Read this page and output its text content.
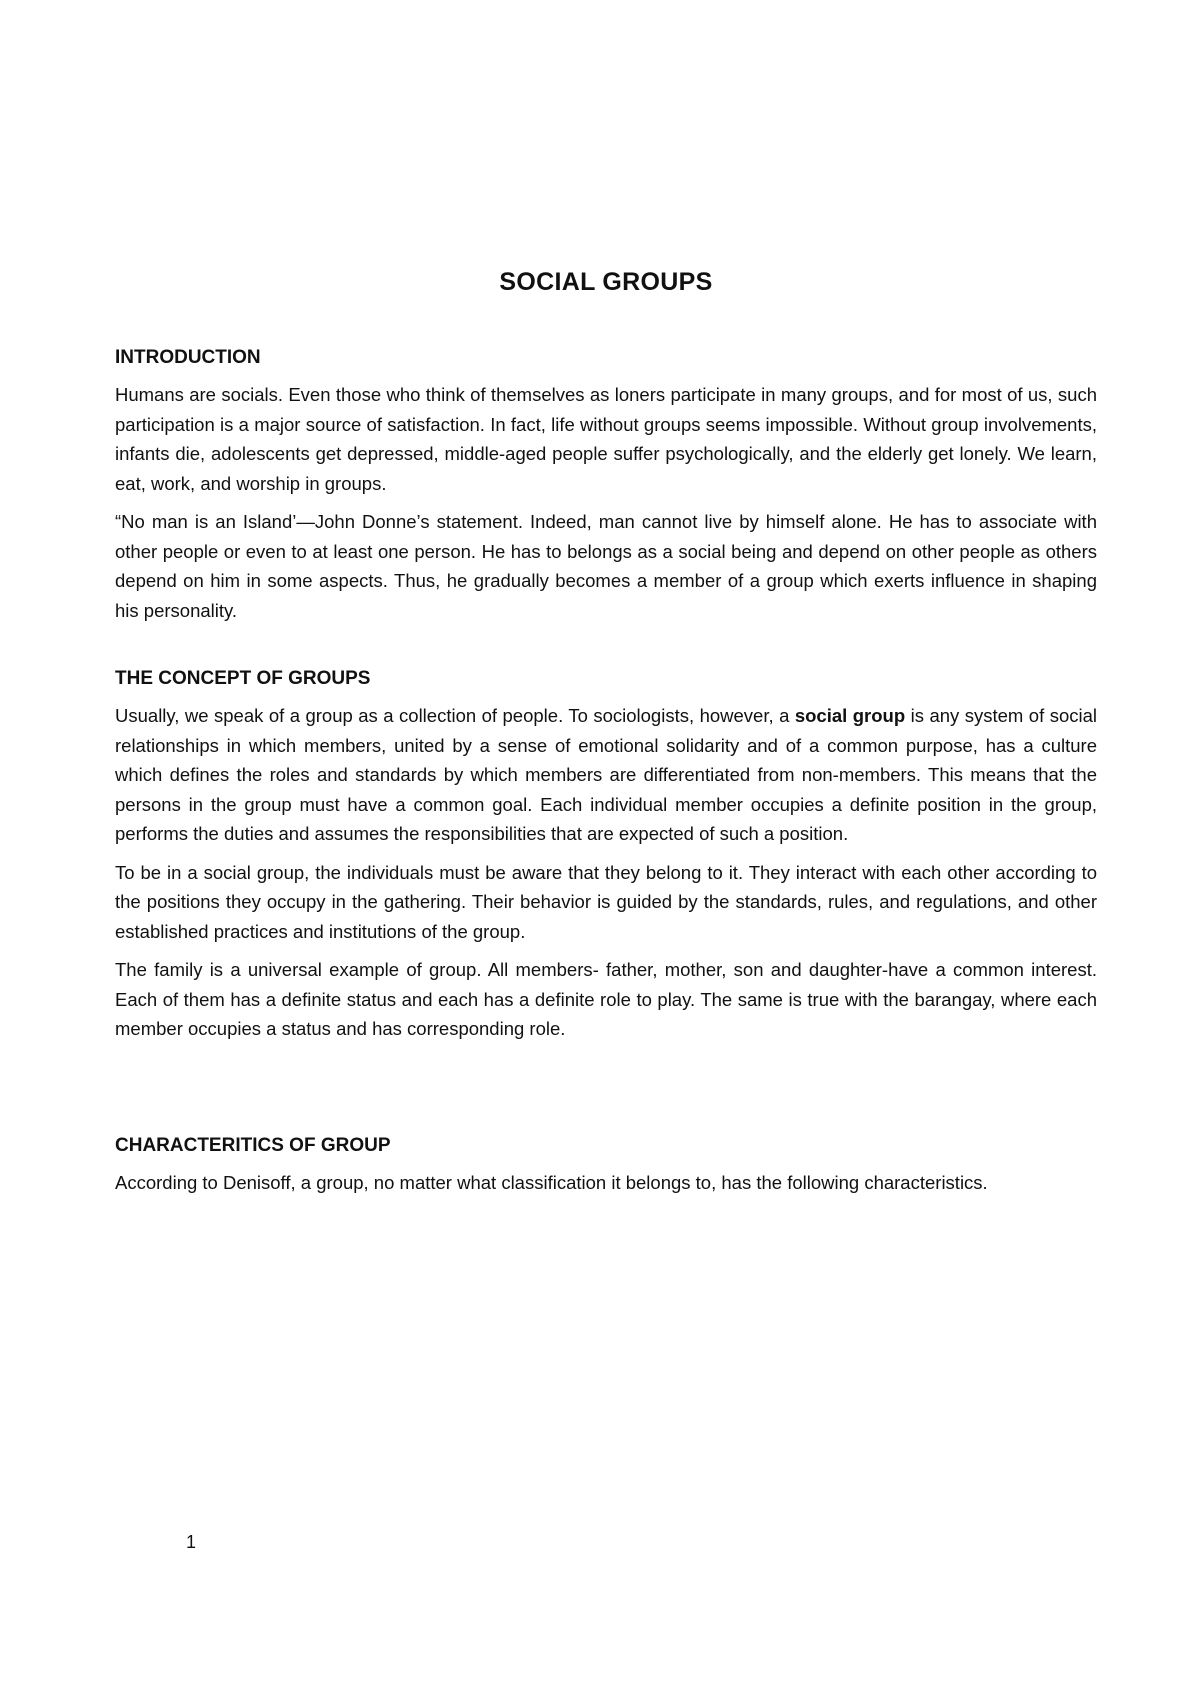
SOCIAL GROUPS
INTRODUCTION

Humans are socials. Even those who think of themselves as loners participate in many groups, and for most of us, such participation is a major source of satisfaction. In fact, life without groups seems impossible. Without group involvements, infants die, adolescents get depressed, middle-aged people suffer psychologically, and the elderly get lonely. We learn, eat, work, and worship in groups.

“No man is an Island’—John Donne’s statement. Indeed, man cannot live by himself alone. He has to associate with other people or even to at least one person. He has to belongs as a social being and depend on other people as others depend on him in some aspects. Thus, he gradually becomes a member of a group which exerts influence in shaping his personality.

THE CONCEPT OF GROUPS

Usually, we speak of a group as a collection of people. To sociologists, however, a social group is any system of social relationships in which members, united by a sense of emotional solidarity and of a common purpose, has a culture which defines the roles and standards by which members are differentiated from non-members. This means that the persons in the group must have a common goal. Each individual member occupies a definite position in the group, performs the duties and assumes the responsibilities that are expected of such a position.

To be in a social group, the individuals must be aware that they belong to it. They interact with each other according to the positions they occupy in the gathering. Their behavior is guided by the standards, rules, and regulations, and other established practices and institutions of the group.

The family is a universal example of group. All members- father, mother, son and daughter-have a common interest. Each of them has a definite status and each has a definite role to play. The same is true with the barangay, where each member occupies a status and has corresponding role.

CHARACTERITICS OF GROUP

According to Denisoff, a group, no matter what classification it belongs to, has the following characteristics.

1
